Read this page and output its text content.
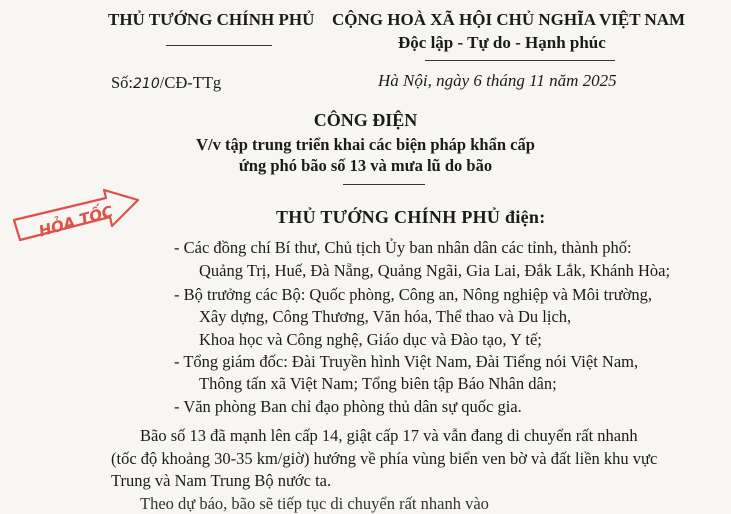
THỦ TƯỚNG CHÍNH PHỦ CỘNG HOÀ XÃ HỘI CHỦ NGHĨA VIỆT NAM
Độc lập - Tự do - Hạnh phúc
Số:210/CĐ-TTg	Hà Nội, ngày 6 tháng 11 năm 2025
CÔNG ĐIỆN
V/v tập trung triển khai các biện pháp khẩn cấp
ứng phó bão số 13 và mưa lũ do bão
HỎA TỐC	THỦ TƯỚNG CHÍNH PHỦ điện:
- Các đồng chí Bí thư, Chủ tịch Ủy ban nhân dân các tỉnh, thành phố:
Quảng Trị, Huế, Đà Nẵng, Quảng Ngãi, Gia Lai, Đắk Lắk, Khánh Hòa;
- Bộ trưởng các Bộ: Quốc phòng, Công an, Nông nghiệp và Môi trường,
Xây dựng, Công Thương, Văn hóa, Thể thao và Du lịch,
Khoa học và Công nghệ, Giáo dục và Đào tạo, Y tế;
- Tổng giám đốc: Đài Truyền hình Việt Nam, Đài Tiếng nói Việt Nam,
Thông tấn xã Việt Nam; Tổng biên tập Báo Nhân dân;
- Văn phòng Ban chỉ đạo phòng thủ dân sự quốc gia.
Bão số 13 đã mạnh lên cấp 14, giật cấp 17 và vẫn đang di chuyển rất nhanh
(tốc độ khoảng 30-35 km/giờ) hướng về phía vùng biển ven bờ và đất liền khu vực
Trung và Nam Trung Bộ nước ta.
Theo dự báo, bão sẽ tiếp tục di chuyển rất nhanh vào
